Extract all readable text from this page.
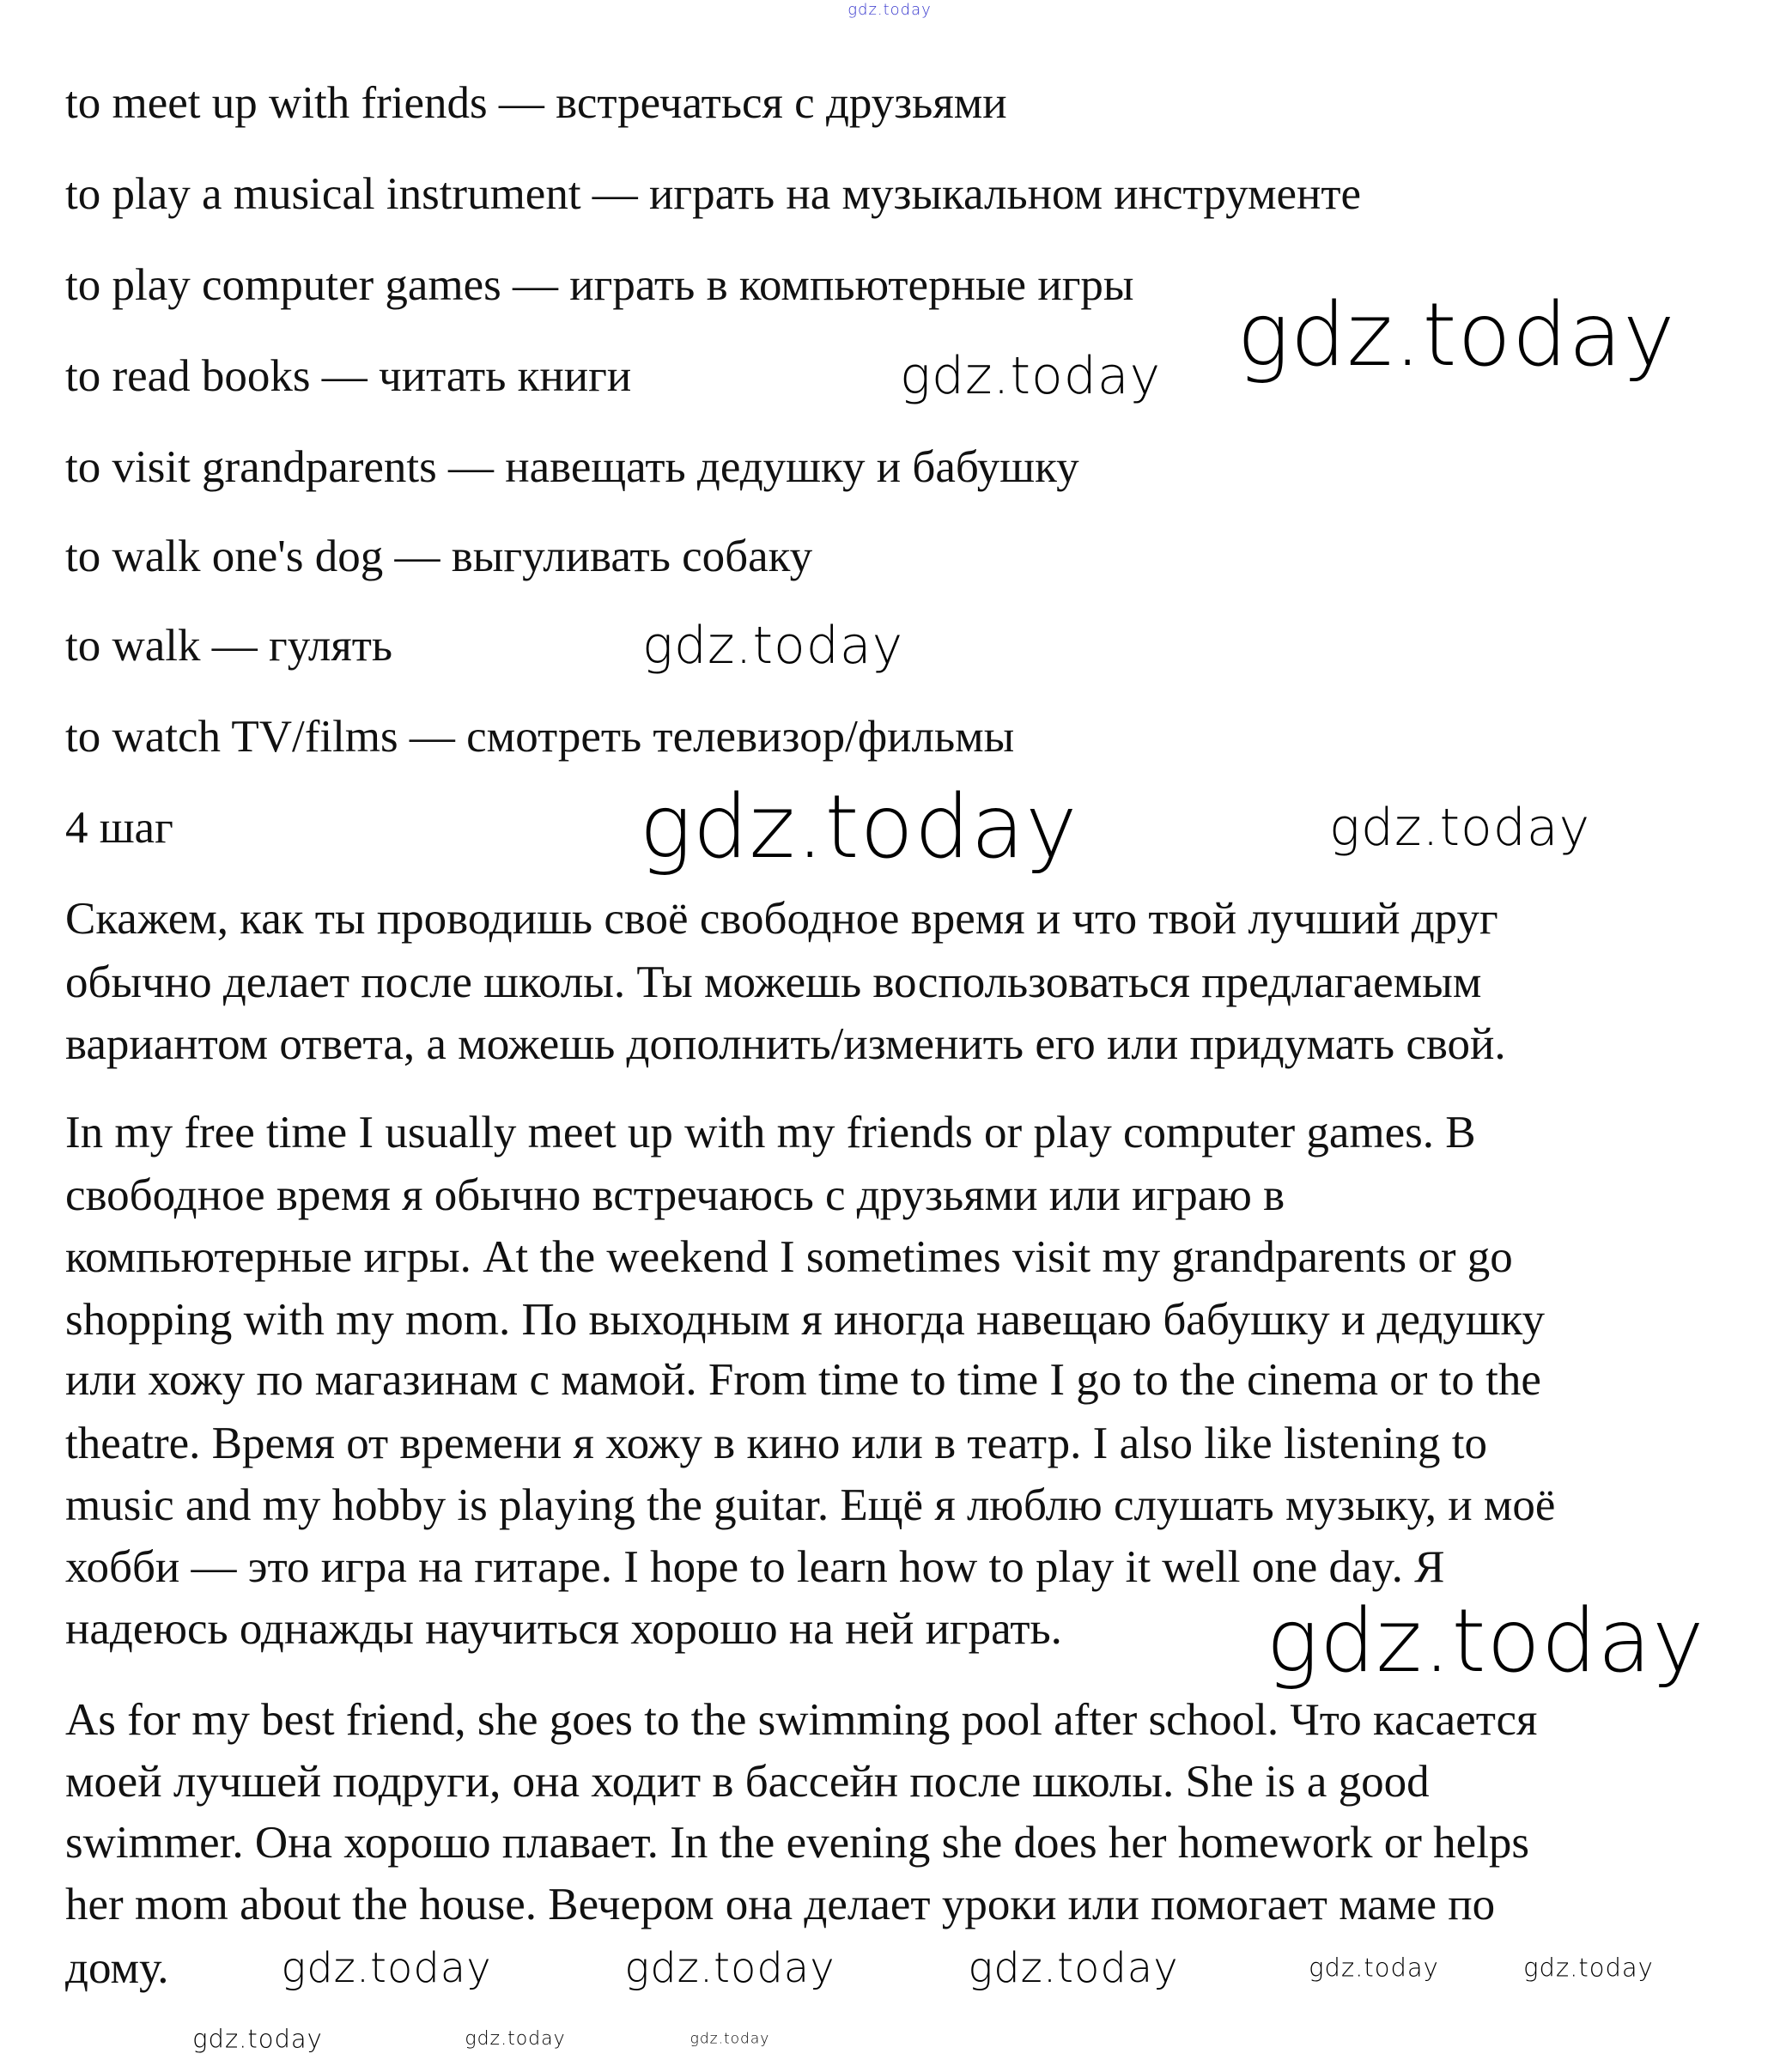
to meet up with friends — встречаться с друзьями
to play a musical instrument — играть на музыкальном инструменте
to play computer games — играть в компьютерные игры
to read books — читать книги
to visit grandparents — навещать дедушку и бабушку
to walk one's dog — выгуливать собаку
to walk — гулять
to watch TV/films — смотреть телевизор/фильмы
4 шаг
Скажем, как ты проводишь своё свободное время и что твой лучший друг
обычно делает после школы. Ты можешь воспользоваться предлагаемым
вариантом ответа, а можешь дополнить/изменить его или придумать свой.
In my free time I usually meet up with my friends or play computer games. В
свободное время я обычно встречаюсь с друзьями или играю в
компьютерные игры. At the weekend I sometimes visit my grandparents or go
shopping with my mom. По выходным я иногда навещаю бабушку и дедушку
или хожу по магазинам с мамой. From time to time I go to the cinema or to the
theatre. Время от времени я хожу в кино или в театр. I also like listening to
music and my hobby is playing the guitar. Ещё я люблю слушать музыку, и моё
хобби — это игра на гитаре. I hope to learn how to play it well one day. Я
надеюсь однажды научиться хорошо на ней играть.
As for my best friend, she goes to the swimming pool after school. Что касается
моей лучшей подруги, она ходит в бассейн после школы. She is a good
swimmer. Она хорошо плавает. In the evening she does her homework or helps
her mom about the house. Вечером она делает уроки или помогает маме по
дому.
gdz.today
gdz.today gdz.today
gdz.today
gdz.today
gdz.today
gdz.today	gdz.today
gdz.today	gdz.today
gdz.today
gdz.today
gdz.today	gdz.today	gdz.today
